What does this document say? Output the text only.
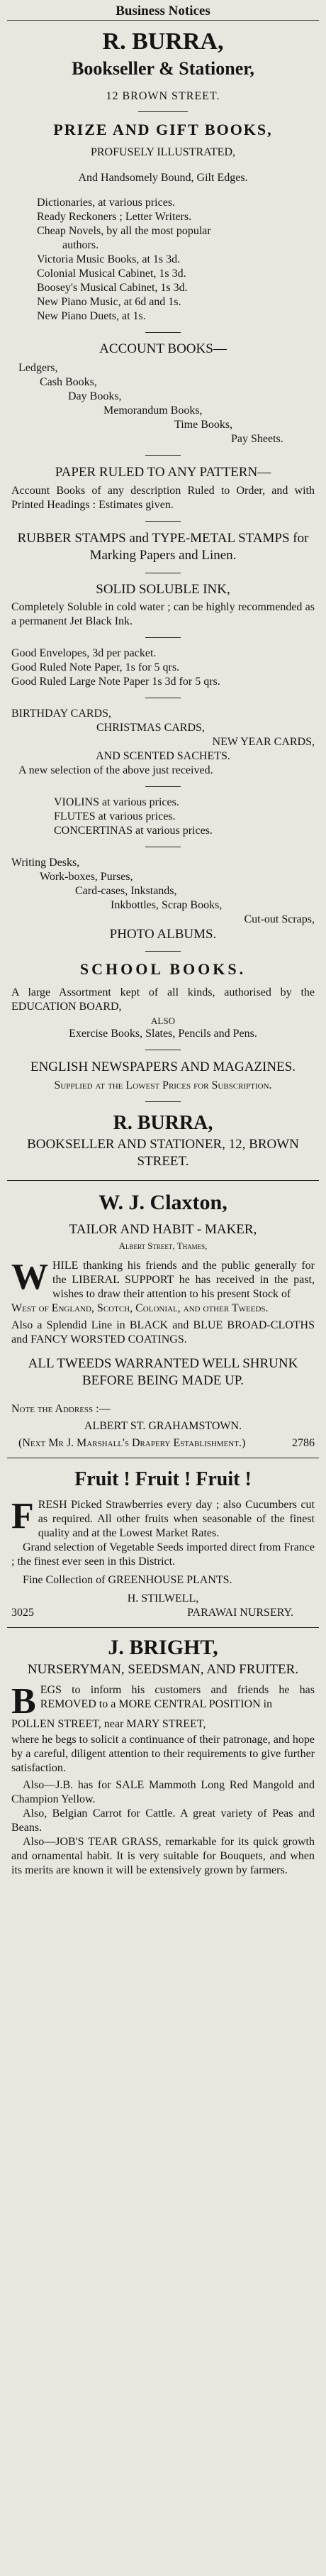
Business Notices
R. BURRA,
Bookseller & Stationer,
12 BROWN STREET.
PRIZE AND GIFT BOOKS,
PROFUSELY ILLUSTRATED,
And Handsomely Bound, Gilt Edges.
Dictionaries, at various prices.
Ready Reckoners ; Letter Writers.
Cheap Novels, by all the most popular
authors.
Victoria Music Books, at 1s 3d.
Colonial Musical Cabinet, 1s 3d.
Boosey's Musical Cabinet, 1s 3d.
New Piano Music, at 6d and 1s.
New Piano Duets, at 1s.
ACCOUNT BOOKS—
Ledgers,
Cash Books,
Day Books,
Memorandum Books,
Time Books,
Pay Sheets.
PAPER RULED TO ANY PATTERN—
Account Books of any description Ruled to Order, and with Printed Headings : Estimates given.
RUBBER STAMPS and TYPE-METAL STAMPS for Marking Papers and Linen.
SOLID SOLUBLE INK,
Completely Soluble in cold water ; can be highly recommended as a permanent Jet Black Ink.
Good Envelopes, 3d per packet.
Good Ruled Note Paper, 1s for 5 qrs.
Good Ruled Large Note Paper 1s 3d for 5 qrs.
BIRTHDAY CARDS,
CHRISTMAS CARDS,
NEW YEAR CARDS,
AND SCENTED SACHETS.
A new selection of the above just received.
VIOLINS at various prices.
FLUTES at various prices.
CONCERTINAS at various prices.
Writing Desks,
Work-boxes, Purses,
Card-cases, Inkstands,
Inkbottles, Scrap Books,
Cut-out Scraps,
PHOTO ALBUMS.
SCHOOL BOOKS.
A large Assortment kept of all kinds, authorised by the EDUCATION BOARD,
ALSO
Exercise Books, Slates, Pencils and Pens.
ENGLISH NEWSPAPERS AND MAGAZINES.
Supplied at the Lowest Prices for Subscription.
R. BURRA,
BOOKSELLER AND STATIONER, 12, BROWN STREET.
W. J. Claxton,
TAILOR AND HABIT - MAKER,
Albert Street, Thames,
W HILE thanking his friends and the public generally for the LIBERAL SUPPORT he has received in the past, wishes to draw their attention to his present Stock of
West of England, Scotch, Colonial, and other Tweeds.
Also a Splendid Line in BLACK and BLUE BROAD-CLOTHS and FANCY WORSTED COATINGS.
ALL TWEEDS WARRANTED WELL SHRUNK BEFORE BEING MADE UP.
Note the Address :—
ALBERT ST. GRAHAMSTOWN.
(Next Mr J. Marshall's Drapery Establishment.)	2786
Fruit ! Fruit ! Fruit !
F RESH Picked Strawberries every day ; also Cucumbers cut as required. All other fruits when seasonable of the finest quality and at the Lowest Market Rates.
Grand selection of Vegetable Seeds imported direct from France ; the finest ever seen in this District.
Fine Collection of GREENHOUSE PLANTS.
H. STILWELL,
3025	PARAWAI NURSERY.
J. BRIGHT,
NURSERYMAN, SEEDSMAN, AND FRUITER.
B EGS to inform his customers and friends he has REMOVED to a MORE CENTRAL POSITION in
POLLEN STREET, near MARY STREET,
where he begs to solicit a continuance of their patronage, and hope by a careful, diligent attention to their requirements to give further satisfaction.
Also—J.B. has for SALE Mammoth Long Red Mangold and Champion Yellow.
Also, Belgian Carrot for Cattle. A great variety of Peas and Beans.
Also—JOB'S TEAR GRASS, remarkable for its quick growth and ornamental habit. It is very suitable for Bouquets, and when its merits are known it will be extensively grown by farmers.
